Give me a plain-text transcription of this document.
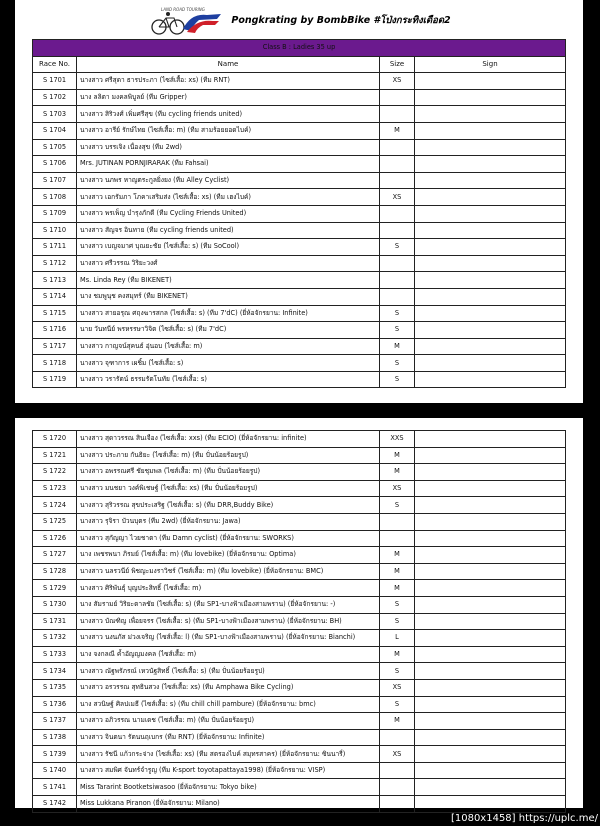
LAND ROAD TOURING
Pongkrating by BombBike #โป่งกระทิงเดือด2
Class B : Ladies 35 up			
Race No.	Name	Size	Sign
S 1701	นางสาว ศรีสุดา ธารประภา (ไซส์เสื้อ: xs) (ทีม RNT)	XS	
S 1702	นาง ลลิตา มงคลพิบูลย์ (ทีม Gripper)		
S 1703	นางสาว สิริวงศ์ เพิ่มศรีสุข (ทีม cycling friends united)		
S 1704	นางสาว อารีย์ รักษ์ไทย (ไซส์เสื้อ: m) (ทีม สามร้อยยอดไบค์)	M	
S 1705	นางสาว บรรเจิง เนื่องสุข (ทีม 2wd)		
S 1706	Mrs. JUTINAN PORNJIRARAK (ทีม Fahsai)		
S 1707	นางสาว นภพร หาญตระกูลยิ่งยง (ทีม Alley Cyclist)		
S 1708	นางสาว เอกรัมภา โภคาเสริมส่ง (ไซส์เสื้อ: xs) (ทีม เฮงไบค์)	XS	
S 1709	นางสาว พรเพ็ญ บำรุงภักดี (ทีม Cycling Friends United)		
S 1710	นางสาว สัญจร อินทาย (ทีม cycling friends united)		
S 1711	นางสาว เบญจมาศ บุณยะชัย (ไซส์เสื้อ: s) (ทีม SoCool)	S	
S 1712	นางสาว ศรีวรรณ วิริยะวงศ์		
S 1713	Ms. Linda Rey (ทีม BIKENET)		
S 1714	นาง ชมพูนุช คงสมุทร์ (ทีม BIKENET)		
S 1715	นางสาว สายอรุณ ศฤงฆารสกล (ไซส์เสื้อ: s) (ทีม 7'dC) (ยี่ห้อจักรยาน: Infinite)	S	
S 1716	นาย วันทนีย์ พรหรรษาวิจิต (ไซส์เสื้อ: s) (ทีม 7'dC)	S	
S 1717	นางสาว กาญจน์สุคนธ์ อุ่นอบ (ไซส์เสื้อ: m)	M	
S 1718	นางสาว จุฑาการ เผชิ้ม (ไซส์เสื้อ: s)	S	
S 1719	นางสาว วรารัตน์ ธรรมรัตโนทัย (ไซส์เสื้อ: s)	S	
S 1720	นางสาว สุดาวรรณ สินเจือง (ไซส์เสื้อ: xxs) (ทีม ECIO) (ยี่ห้อจักรยาน: infinite)	XXS	
S 1721	นางสาว ประภาย กันธิยะ (ไซส์เสื้อ: m) (ทีม ปั่นน้อยร้อยรูป)	M	
S 1722	นางสาว อพรรณศรี ชัยชุมพล (ไซส์เสื้อ: m) (ทีม ปั่นน้อยร้อยรูป)	M	
S 1723	นางสาว มนชยา วงค์พิเชษฐ์ (ไซส์เสื้อ: xs) (ทีม ปั่นน้อยร้อยรูป)	XS	
S 1724	นางสาว สุริวรรณ สุขประเสริฐ (ไซส์เสื้อ: s) (ทีม DRR,Buddy Bike)	S	
S 1725	นางสาว รุจิรา บัวนบุตร (ทีม 2wd) (ยี่ห้อจักรยาน: Jawa)		
S 1726	นางสาว สุกัญญา ไวยชาตา (ทีม Damn cyclist) (ยี่ห้อจักรยาน: SWORKS)		
S 1727	นาง เพชรพนา ภิรมย์ (ไซส์เสื้อ: m) (ทีม lovebike) (ยี่ห้อจักรยาน: Optima)	M	
S 1728	นางสาว นลรวนีย์ พิชญะมงราวิชร์ (ไซส์เสื้อ: m) (ทีม lovebike) (ยี่ห้อจักรยาน: BMC)	M	
S 1729	นางสาว ศิริพันธุ์ บุญประสิทธิ์ (ไซส์เสื้อ: m)	M	
S 1730	นาง สัมรามย์ วิริยะตาลชัย (ไซส์เสื้อ: s) (ทีม SP1-บางฟ้าเมืองสามพราน) (ยี่ห้อจักรยาน: -)	S	
S 1731	นางสาว บัณฑิญ เพื่อยจรร (ไซส์เสื้อ: s) (ทีม SP1-บางฟ้าเมืองสามพราน) (ยี่ห้อจักรยาน: BH)	S	
S 1732	นางสาว นงนภัส ม่วงเจริญ (ไซส์เสื้อ: l) (ทีม SP1-บางฟ้าเมืองสามพราน) (ยี่ห้อจักรยาน: Bianchi)	L	
S 1733	นาง จงกลณี ค้ำอัญญมงคล (ไซส์เสื้อ: m)	M	
S 1734	นางสาว ณัฐพรัภรณ์ เหวนัฐสิทธิ์ (ไซส์เสื้อ: s) (ทีม ปั่นน้อยร้อยรูป)	S	
S 1735	นางสาว อรวรรณ สุทธินสวง (ไซส์เสื้อ: xs) (ทีม Amphawa Bike Cycling)	XS	
S 1736	นาง สวนิษฐ์ ศิลปเมธี (ไซส์เสื้อ: s) (ทีม chill chill pambure) (ยี่ห้อจักรยาน: bmc)	S	
S 1737	นางสาว อภิวรรณ นามเดช (ไซส์เสื้อ: m) (ทีม ปั่นน้อยร้อยรูป)	M	
S 1738	นางสาว จินตนา รัตนนฤเบกร (ทีม RNT) (ยี่ห้อจักรยาน: Infinite)		
S 1739	นางสาว รัชนี แก้วกระจ่าง (ไซส์เสื้อ: xs) (ทีม สตรองไบค์ สมุทรสาคร) (ยี่ห้อจักรยาน: ซินนารี่)	XS	
S 1740	นางสาว สมพิศ จันทร์จำรูญ (ทีม K-sport toyotapattaya1998) (ยี่ห้อจักรยาน: VISP)		
S 1741	Miss Tararint Bootketsiwasoo (ยี่ห้อจักรยาน: Tokyo bike)		
S 1742	Miss Lukkana Piranon (ยี่ห้อจักรยาน: Milano)		
[1080x1458] https://uplc.me/
